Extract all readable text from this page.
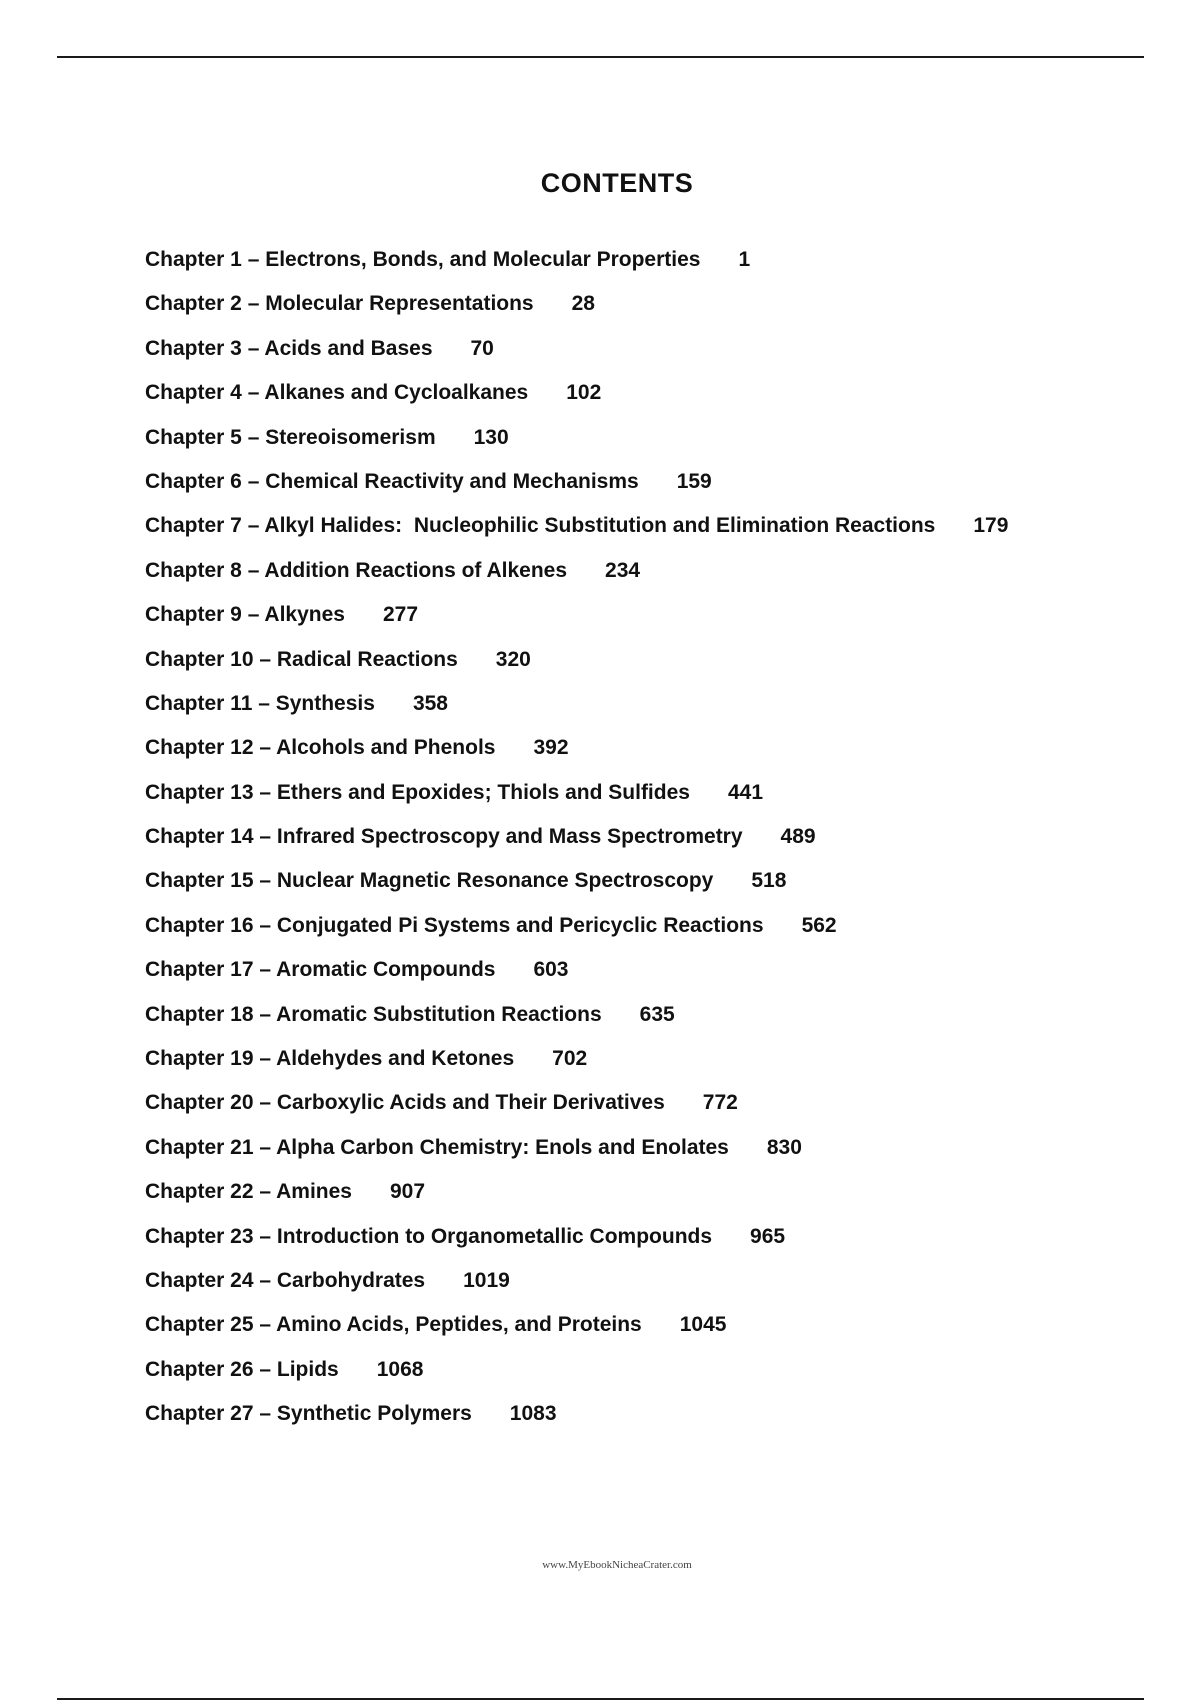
CONTENTS
Chapter 1 – Electrons, Bonds, and Molecular Properties 1
Chapter 2 – Molecular Representations 28
Chapter 3 – Acids and Bases 70
Chapter 4 – Alkanes and Cycloalkanes 102
Chapter 5 – Stereoisomerism 130
Chapter 6 – Chemical Reactivity and Mechanisms 159
Chapter 7 – Alkyl Halides:  Nucleophilic Substitution and Elimination Reactions 179
Chapter 8 – Addition Reactions of Alkenes 234
Chapter 9 – Alkynes 277
Chapter 10 – Radical Reactions 320
Chapter 11 – Synthesis 358
Chapter 12 – Alcohols and Phenols 392
Chapter 13 – Ethers and Epoxides; Thiols and Sulfides 441
Chapter 14 – Infrared Spectroscopy and Mass Spectrometry 489
Chapter 15 – Nuclear Magnetic Resonance Spectroscopy 518
Chapter 16 – Conjugated Pi Systems and Pericyclic Reactions 562
Chapter 17 – Aromatic Compounds 603
Chapter 18 – Aromatic Substitution Reactions 635
Chapter 19 – Aldehydes and Ketones 702
Chapter 20 – Carboxylic Acids and Their Derivatives 772
Chapter 21 – Alpha Carbon Chemistry: Enols and Enolates 830
Chapter 22 – Amines 907
Chapter 23 – Introduction to Organometallic Compounds 965
Chapter 24 – Carbohydrates 1019
Chapter 25 – Amino Acids, Peptides, and Proteins 1045
Chapter 26 – Lipids 1068
Chapter 27 – Synthetic Polymers 1083
www.MyEbookNicheaCrater.com
